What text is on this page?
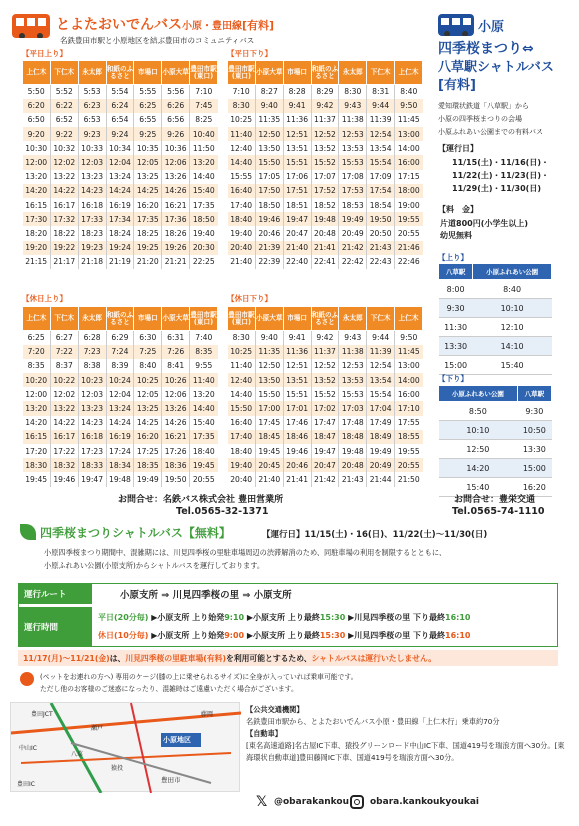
とよたおいでんバス小原・豊田線[有料]
名鉄豊田市駅と小原地区を結ぶ豊田市のコミュニティバス
【平日上り】
上仁木	下仁木	永太郎	和紙のふるさと	市場口	小原大草	豊田市駅(東口)
5:50	5:52	5:53	5:54	5:55	5:56	7:10
6:20	6:22	6:23	6:24	6:25	6:26	7:45
6:50	6:52	6:53	6:54	6:55	6:56	8:25
9:20	9:22	9:23	9:24	9:25	9:26	10:40
10:30	10:32	10:33	10:34	10:35	10:36	11:50
12:00	12:02	12:03	12:04	12:05	12:06	13:20
13:20	13:22	13:23	13:24	13:25	13:26	14:40
14:20	14:22	14:23	14:24	14:25	14:26	15:40
16:15	16:17	16:18	16:19	16:20	16:21	17:35
17:30	17:32	17:33	17:34	17:35	17:36	18:50
18:20	18:22	18:23	18:24	18:25	18:26	19:40
19:20	19:22	19:23	19:24	19:25	19:26	20:30
21:15	21:17	21:18	21:19	21:20	21:21	22:25
【平日下り】
豊田市駅(東口)	小原大草	市場口	和紙のふるさと	永太郎	下仁木	上仁木
7:10	8:27	8:28	8:29	8:30	8:31	8:40
8:30	9:40	9:41	9:42	9:43	9:44	9:50
10:25	11:35	11:36	11:37	11:38	11:39	11:45
11:40	12:50	12:51	12:52	12:53	12:54	13:00
12:40	13:50	13:51	13:52	13:53	13:54	14:00
14:40	15:50	15:51	15:52	15:53	15:54	16:00
15:55	17:05	17:06	17:07	17:08	17:09	17:15
16:40	17:50	17:51	17:52	17:53	17:54	18:00
17:40	18:50	18:51	18:52	18:53	18:54	19:00
18:40	19:46	19:47	19:48	19:49	19:50	19:55
19:40	20:46	20:47	20:48	20:49	20:50	20:55
20:40	21:39	21:40	21:41	21:42	21:43	21:46
21:40	22:39	22:40	22:41	22:42	22:43	22:46
【休日上り】
上仁木	下仁木	永太郎	和紙のふるさと	市場口	小原大草	豊田市駅(東口)
6:25	6:27	6:28	6:29	6:30	6:31	7:40
7:20	7:22	7:23	7:24	7:25	7:26	8:35
8:35	8:37	8:38	8:39	8:40	8:41	9:55
10:20	10:22	10:23	10:24	10:25	10:26	11:40
12:00	12:02	12:03	12:04	12:05	12:06	13:20
13:20	13:22	13:23	13:24	13:25	13:26	14:40
14:20	14:22	14:23	14:24	14:25	14:26	15:40
16:15	16:17	16:18	16:19	16:20	16:21	17:35
17:20	17:22	17:23	17:24	17:25	17:26	18:40
18:30	18:32	18:33	18:34	18:35	18:36	19:45
19:45	19:46	19:47	19:48	19:49	19:50	20:55
【休日下り】
豊田市駅(東口)	小原大草	市場口	和紙のふるさと	永太郎	下仁木	上仁木
8:30	9:40	9:41	9:42	9:43	9:44	9:50
10:25	11:35	11:36	11:37	11:38	11:39	11:45
11:40	12:50	12:51	12:52	12:53	12:54	13:00
12:40	13:50	13:51	13:52	13:53	13:54	14:00
14:40	15:50	15:51	15:52	15:53	15:54	16:00
15:50	17:00	17:01	17:02	17:03	17:04	17:10
16:40	17:45	17:46	17:47	17:48	17:49	17:55
17:40	18:45	18:46	18:47	18:48	18:49	18:55
18:40	19:45	19:46	19:47	19:48	19:49	19:55
19:40	20:45	20:46	20:47	20:48	20:49	20:55
20:40	21:40	21:41	21:42	21:43	21:44	21:50
お問合せ：名鉄バス株式会社 豊田営業所
Tel.0565-32-1371
小原
四季桜まつり⇔
八草駅シャトルバス
[有料]
愛知環状鉄道「八草駅」から
小原の四季桜まつりの会場
小原ふれあい公園までの有料バス
【運行日】
11/15(土)・11/16(日)・
11/22(土)・11/23(日)・
11/29(土)・11/30(日)
【料　金】
片道800円(小学生以上)
幼児無料
【上り】
八草駅	小原ふれあい公園
8:00	8:40
9:30	10:10
11:30	12:10
13:30	14:10
15:00	15:40
【下り】
小原ふれあい公園	八草駅
8:50	9:30
10:10	10:50
12:50	13:30
14:20	15:00
15:40	16:20
お問合せ：豊栄交通
Tel.0565-74-1110
四季桜まつりシャトルバス【無料】	【運行日】11/15(土)・16(日)、11/22(土)〜11/30(日)
小原四季桜まつり期間中、混雑期には、川見四季桜の里駐車場周辺の渋滞解消のため、同駐車場の利用を制限するとともに、
小原ふれあい公園(小原支所)からシャトルバスを運行しております。
運行ルート	小原支所 ⇒ 川見四季桜の里 ⇒ 小原支所
運行時間
平日(20分毎) ▶小原支所 上り始発9:10 ▶小原支所 上り最終15:30 ▶川見四季桜の里 下り最終16:10
休日(10分毎) ▶小原支所 上り始発9:00 ▶小原支所 上り最終15:30 ▶川見四季桜の里 下り最終16:10
11/17(月)〜11/21(金)は、川見四季桜の里駐車場(有料)を利用可能とするため、シャトルバスは運行いたしません。
(ペットをお連れの方へ) 専用のケージ(膝の上に乗せられるサイズ)に全身が入っていれば乗車可能です。
ただし他のお客様のご迷惑になったり、混雑時はご遠慮いただく場合がございます。
小原地区
豊田市
豊田IC
瀬戸
八草
藤岡
猿投
中山IC
豊田JCT
【公共交通機関】
名鉄豊田市駅から、とよたおいでんバス小原・豊田線「上仁木行」乗車約70分
【自動車】
[東名高速道路]名古屋IC下車、猿投グリーンロード中山IC下車、国道419号を瑞浪方面へ30分。[東海環状自動車道]豊田藤岡IC下車、国道419号を瑞浪方面へ30分。
𝕏 @obarakankou obara.kankoukyoukai
